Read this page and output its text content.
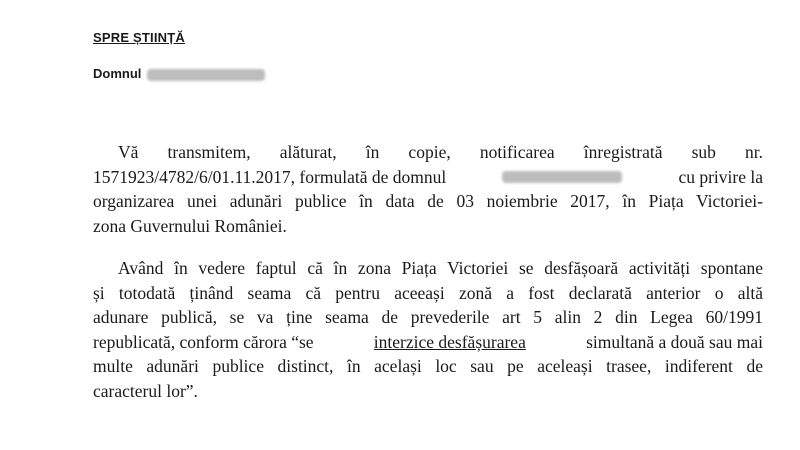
SPRE ȘTIINȚĂ
Domnul
Vă transmitem, alăturat, în copie, notificarea înregistrată sub nr.
1571923/4782/6/01.11.2017, formulată de domnul	cu privire la
organizarea unei adunări publice în data de 03 noiembrie 2017, în Piața Victoriei-
zona Guvernului României.
Având în vedere faptul că în zona Piața Victoriei se desfășoară activități spontane
și totodată ținând seama că pentru aceeași zonă a fost declarată anterior o altă
adunare publică, se va ține seama de prevederile art 5 alin 2 din Legea 60/1991
republicată, conform cărora “se	interzice desfășurarea	simultană a două sau mai
multe adunări publice distinct, în același loc sau pe aceleași trasee, indiferent de
caracterul lor”.
